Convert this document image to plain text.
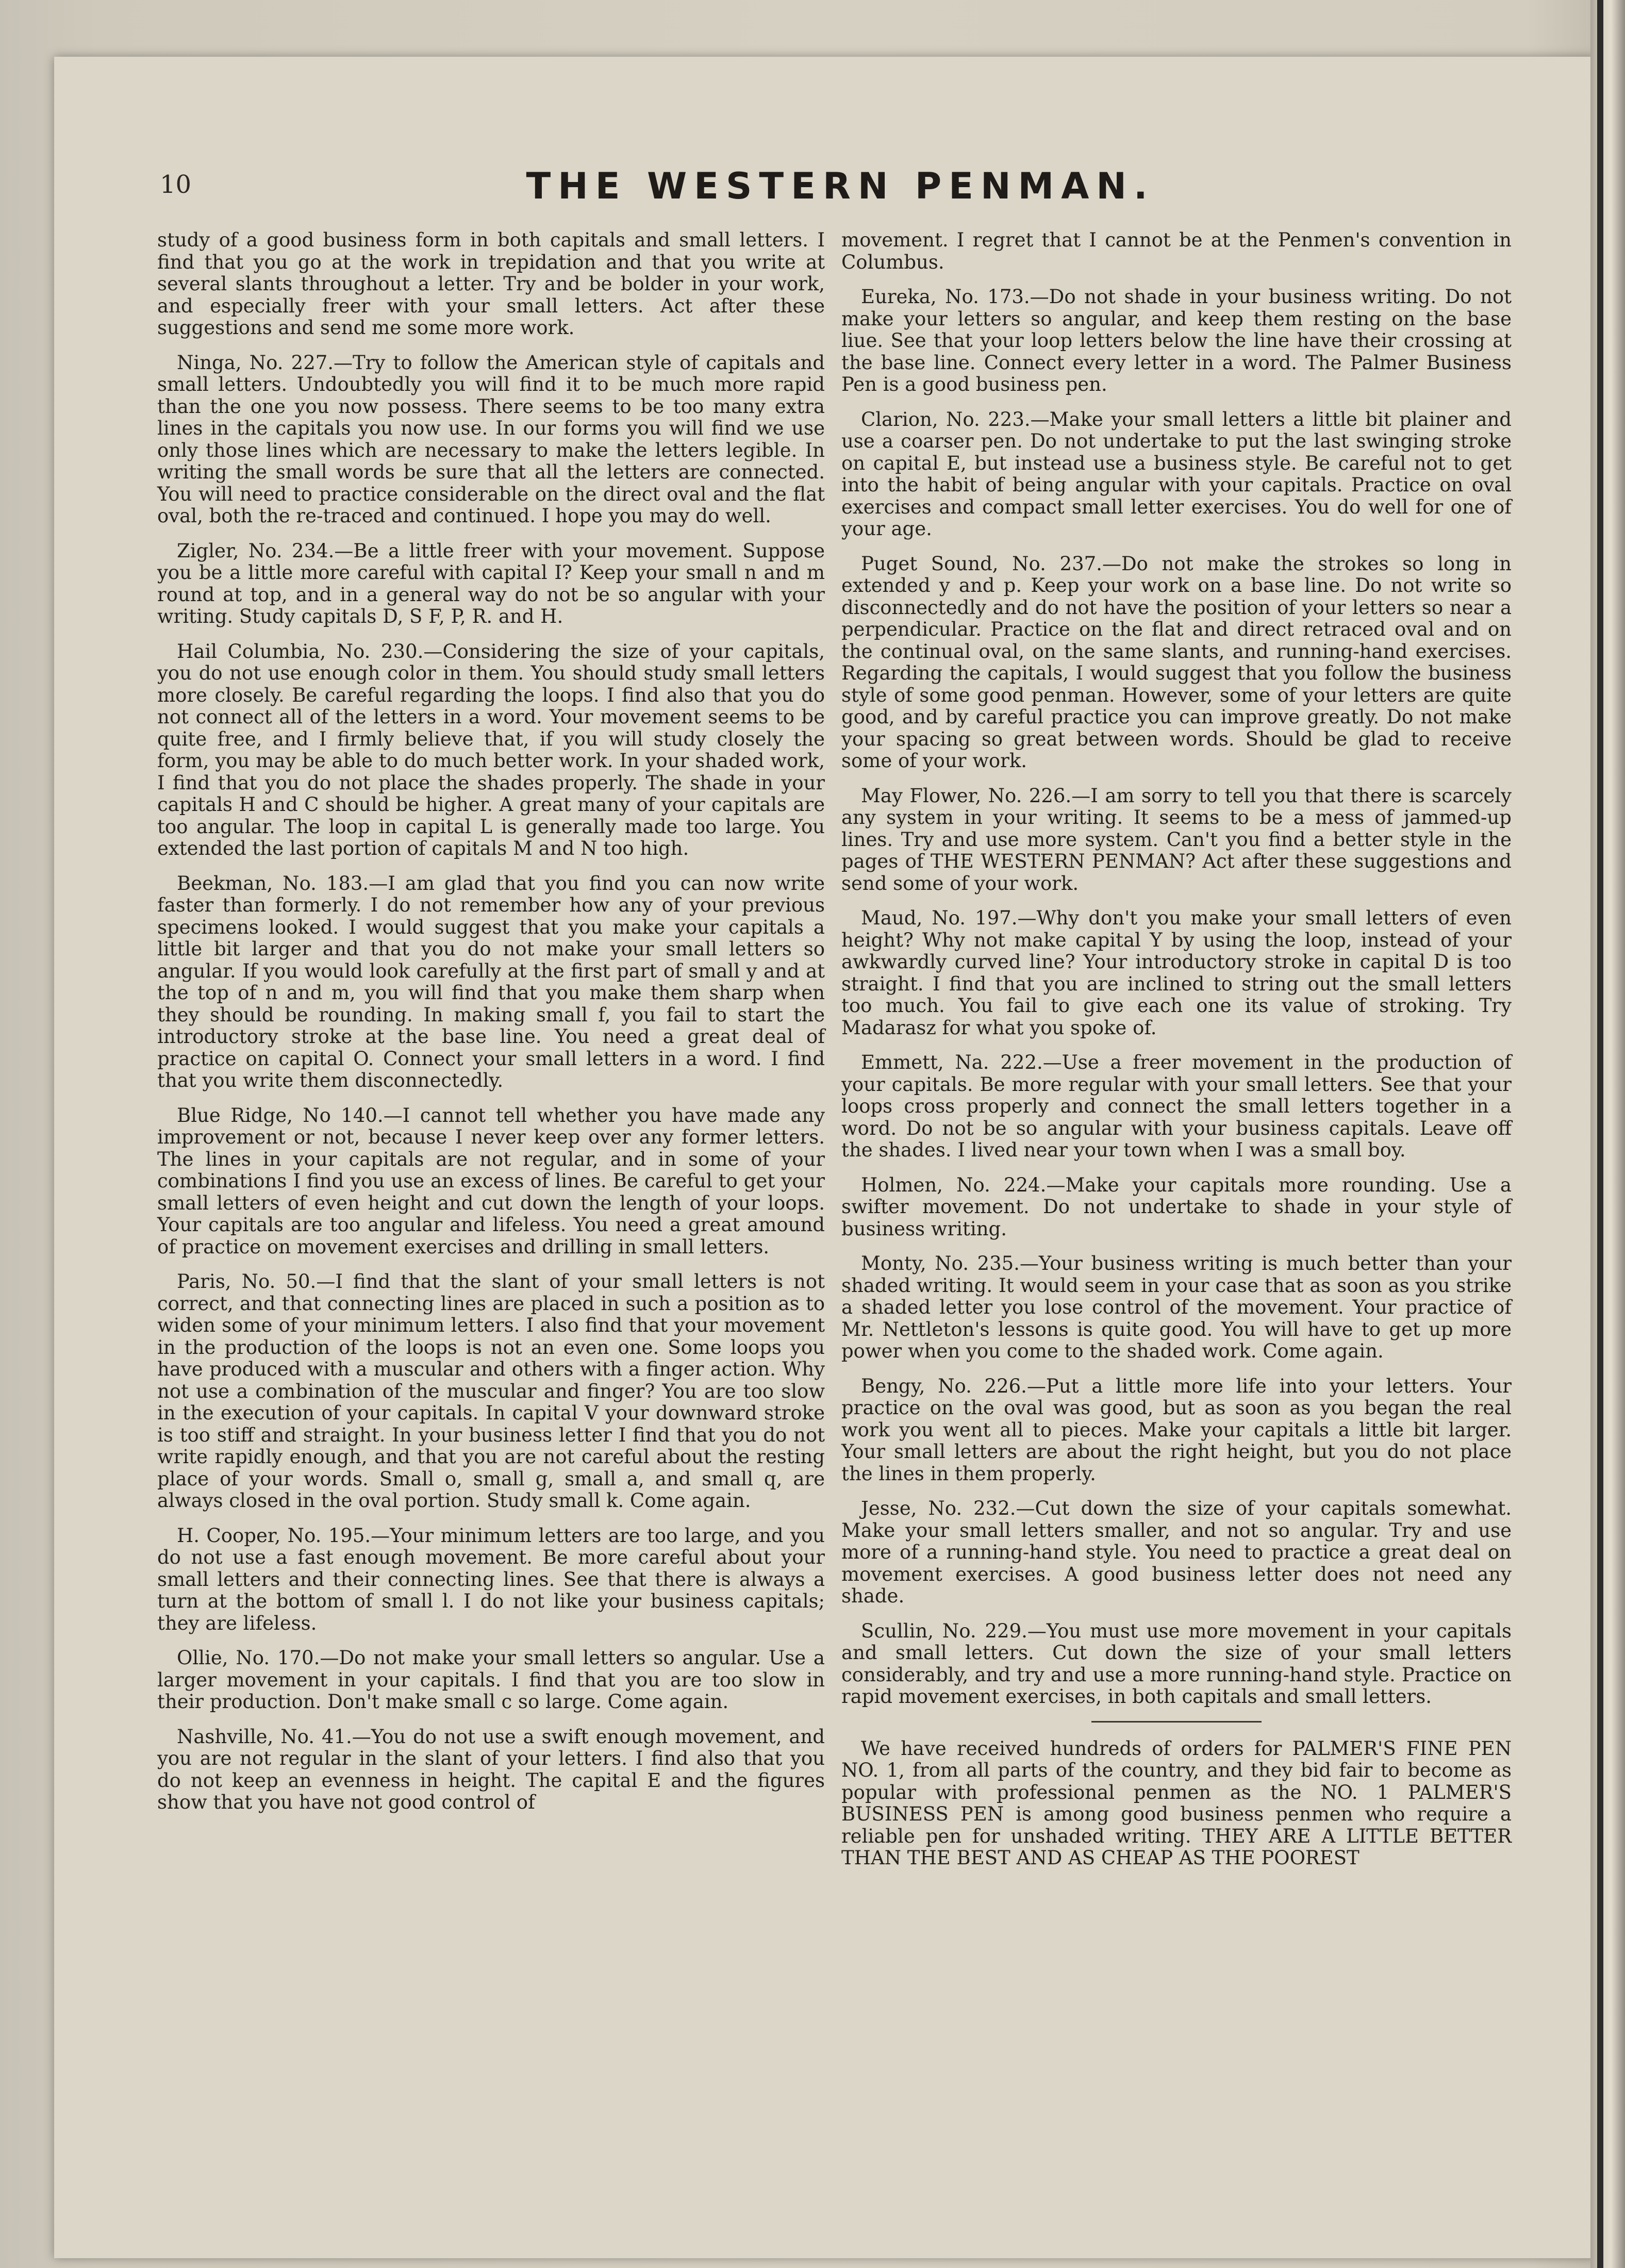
10	THE WESTERN PENMAN.

study of a good business form in both capitals and small letters. I find that you go at the work in trepidation and that you write at several slants throughout a letter. Try and be bolder in your work, and especially freer with your small letters. Act after these suggestions and send me some more work.

Ninga, No. 227.—Try to follow the American style of capitals and small letters. Undoubtedly you will find it to be much more rapid than the one you now possess. There seems to be too many extra lines in the capitals you now use. In our forms you will find we use only those lines which are necessary to make the letters legible. In writing the small words be sure that all the letters are connected. You will need to practice considerable on the direct oval and the flat oval, both the re-traced and continued. I hope you may do well.

Zigler, No. 234.—Be a little freer with your movement. Suppose you be a little more careful with capital I? Keep your small n and m round at top, and in a general way do not be so angular with your writing. Study capitals D, S F, P, R. and H.

Hail Columbia, No. 230.—Considering the size of your capitals, you do not use enough color in them. You should study small letters more closely. Be careful regarding the loops. I find also that you do not connect all of the letters in a word. Your movement seems to be quite free, and I firmly believe that, if you will study closely the form, you may be able to do much better work. In your shaded work, I find that you do not place the shades properly. The shade in your capitals H and C should be higher. A great many of your capitals are too angular. The loop in capital L is generally made too large. You extended the last portion of capitals M and N too high.

Beekman, No. 183.—I am glad that you find you can now write faster than formerly. I do not remember how any of your previous specimens looked. I would suggest that you make your capitals a little bit larger and that you do not make your small letters so angular. If you would look carefully at the first part of small y and at the top of n and m, you will find that you make them sharp when they should be rounding. In making small f, you fail to start the introductory stroke at the base line. You need a great deal of practice on capital O. Connect your small letters in a word. I find that you write them disconnectedly.

Blue Ridge, No 140.—I cannot tell whether you have made any improvement or not, because I never keep over any former letters. The lines in your capitals are not regular, and in some of your combinations I find you use an excess of lines. Be careful to get your small letters of even height and cut down the length of your loops. Your capitals are too angular and lifeless. You need a great amound of practice on movement exercises and drilling in small letters.

Paris, No. 50.—I find that the slant of your small letters is not correct, and that connecting lines are placed in such a position as to widen some of your minimum letters. I also find that your movement in the production of the loops is not an even one. Some loops you have produced with a muscular and others with a finger action. Why not use a combination of the muscular and finger? You are too slow in the execution of your capitals. In capital V your downward stroke is too stiff and straight. In your business letter I find that you do not write rapidly enough, and that you are not careful about the resting place of your words. Small o, small g, small a, and small q, are always closed in the oval portion. Study small k. Come again.

H. Cooper, No. 195.—Your minimum letters are too large, and you do not use a fast enough movement. Be more careful about your small letters and their connecting lines. See that there is always a turn at the bottom of small l. I do not like your business capitals; they are lifeless.

Ollie, No. 170.—Do not make your small letters so angular. Use a larger movement in your capitals. I find that you are too slow in their production. Don't make small c so large. Come again.

Nashville, No. 41.—You do not use a swift enough movement, and you are not regular in the slant of your letters. I find also that you do not keep an evenness in height. The capital E and the figures show that you have not good control of

movement. I regret that I cannot be at the Penmen's convention in Columbus.

Eureka, No. 173.—Do not shade in your business writing. Do not make your letters so angular, and keep them resting on the base liue. See that your loop letters below the line have their crossing at the base line. Connect every letter in a word. The Palmer Business Pen is a good business pen.

Clarion, No. 223.—Make your small letters a little bit plainer and use a coarser pen. Do not undertake to put the last swinging stroke on capital E, but instead use a business style. Be careful not to get into the habit of being angular with your capitals. Practice on oval exercises and compact small letter exercises. You do well for one of your age.

Puget Sound, No. 237.—Do not make the strokes so long in extended y and p. Keep your work on a base line. Do not write so disconnectedly and do not have the position of your letters so near a perpendicular. Practice on the flat and direct retraced oval and on the continual oval, on the same slants, and running-hand exercises. Regarding the capitals, I would suggest that you follow the business style of some good penman. However, some of your letters are quite good, and by careful practice you can improve greatly. Do not make your spacing so great between words. Should be glad to receive some of your work.

May Flower, No. 226.—I am sorry to tell you that there is scarcely any system in your writing. It seems to be a mess of jammed-up lines. Try and use more system. Can't you find a better style in the pages of THE WESTERN PENMAN? Act after these suggestions and send some of your work.

Maud, No. 197.—Why don't you make your small letters of even height? Why not make capital Y by using the loop, instead of your awkwardly curved line? Your introductory stroke in capital D is too straight. I find that you are inclined to string out the small letters too much. You fail to give each one its value of stroking. Try Madarasz for what you spoke of.

Emmett, Na. 222.—Use a freer movement in the production of your capitals. Be more regular with your small letters. See that your loops cross properly and connect the small letters together in a word. Do not be so angular with your business capitals. Leave off the shades. I lived near your town when I was a small boy.

Holmen, No. 224.—Make your capitals more rounding. Use a swifter movement. Do not undertake to shade in your style of business writing.

Monty, No. 235.—Your business writing is much better than your shaded writing. It would seem in your case that as soon as you strike a shaded letter you lose control of the movement. Your practice of Mr. Nettleton's lessons is quite good. You will have to get up more power when you come to the shaded work. Come again.

Bengy, No. 226.—Put a little more life into your letters. Your practice on the oval was good, but as soon as you began the real work you went all to pieces. Make your capitals a little bit larger. Your small letters are about the right height, but you do not place the lines in them properly.

Jesse, No. 232.—Cut down the size of your capitals somewhat. Make your small letters smaller, and not so angular. Try and use more of a running-hand style. You need to practice a great deal on movement exercises. A good business letter does not need any shade.

Scullin, No. 229.—You must use more movement in your capitals and small letters. Cut down the size of your small letters considerably, and try and use a more running-hand style. Practice on rapid movement exercises, in both capitals and small letters.

We have received hundreds of orders for PALMER'S FINE PEN NO. 1, from all parts of the country, and they bid fair to become as popular with professional penmen as the NO. 1 PALMER'S BUSINESS PEN is among good business penmen who require a reliable pen for unshaded writing. THEY ARE A LITTLE BETTER THAN THE BEST AND AS CHEAP AS THE POOREST
